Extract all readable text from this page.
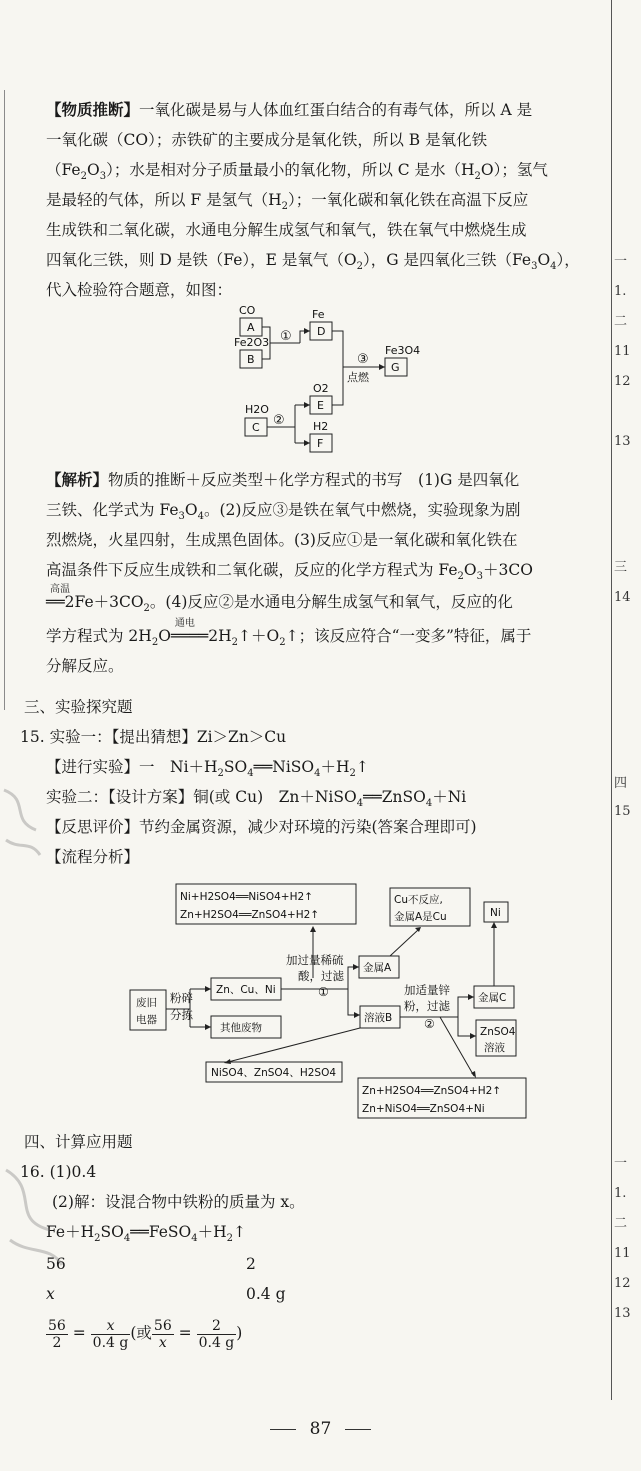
【物质推断】一氧化碳是易与人体血红蛋白结合的有毒气体，所以 A 是
一氧化碳（CO）；赤铁矿的主要成分是氧化铁，所以 B 是氧化铁
$(Fe_2O_3)$；水是相对分子质量最小的氧化物，所以 C 是水$(H_2O)$；氢气
是最轻的气体，所以 F 是氢气$(H_2)$；一氧化碳和氧化铁在高温下反应
生成铁和二氧化碳，水通电分解生成氢气和氧气，铁在氧气中燃烧生成
四氧化三铁，则 D 是铁（Fe），E 是氧气$(O_2)$，G 是四氧化三铁$(Fe_3O_4)$，
代入检验符合题意，如图：
CO
A
Fe2O3
B
H2O
C
Fe
D
O2
E
H2
F
Fe3O4
G
①
②
③
点燃
【解析】物质的推断＋反应类型＋化学方程式的书写　(1)G 是四氧化
三铁、化学式为 $Fe_3O_4$。(2)反应③是铁在氧气中燃烧，实验现象为剧
烈燃烧，火星四射，生成黑色固体。(3)反应①是一氧化碳和氧化铁在
高温条件下反应生成铁和二氧化碳，反应的化学方程式为 $Fe_2O_3+3CO$
高温
$══2Fe+3CO_2$。(4)反应②是水通电分解生成氢气和氧气，反应的化
学方程式为 $2H_2O$
通电
$════2H_2↑+O_2↑$；该反应符合“一变多”特征，属于
分解反应。
三、实验探究题
15. 实验一：【提出猜想】Zi＞Zn＞Cu
【进行实验】一　$Ni+H_2SO_4══NiSO_4+H_2↑$
实验二：【设计方案】铜(或 Cu)　Zn＋NiSO$_4$══ZnSO$_4$＋Ni
【反思评价】节约金属资源，减少对环境的污染(答案合理即可)
【流程分析】
Ni+H2SO4══NiSO4+H2↑
Zn+H2SO4══ZnSO4+H2↑
Cu不反应,
金属A是Cu	Ni
加过量稀硫
酸，过滤
①
金属A
废旧
电器
粉碎
分拣
Zn、Cu、Ni
其他废物
溶液B
加适量锌
粉，过滤
②
金属C
ZnSO4
溶液
NiSO4、ZnSO4、H2SO4
Zn+H2SO4══ZnSO4+H2↑
Zn+NiSO4══ZnSO4+Ni
四、计算应用题
16. (1)0.4
(2)解：设混合物中铁粉的质量为 x。
$Fe+H_2SO_4══FeSO_4+H_2↑$
56	2
x	0.4 g
$\frac{56}{2} = \frac{x}{0.4 g}$ (或 $\frac{56}{x} = \frac{2}{0.4 g}$ )
一
1.
二
11
12
13
三
14
四
15
一
1.
二
11
12
13
87
